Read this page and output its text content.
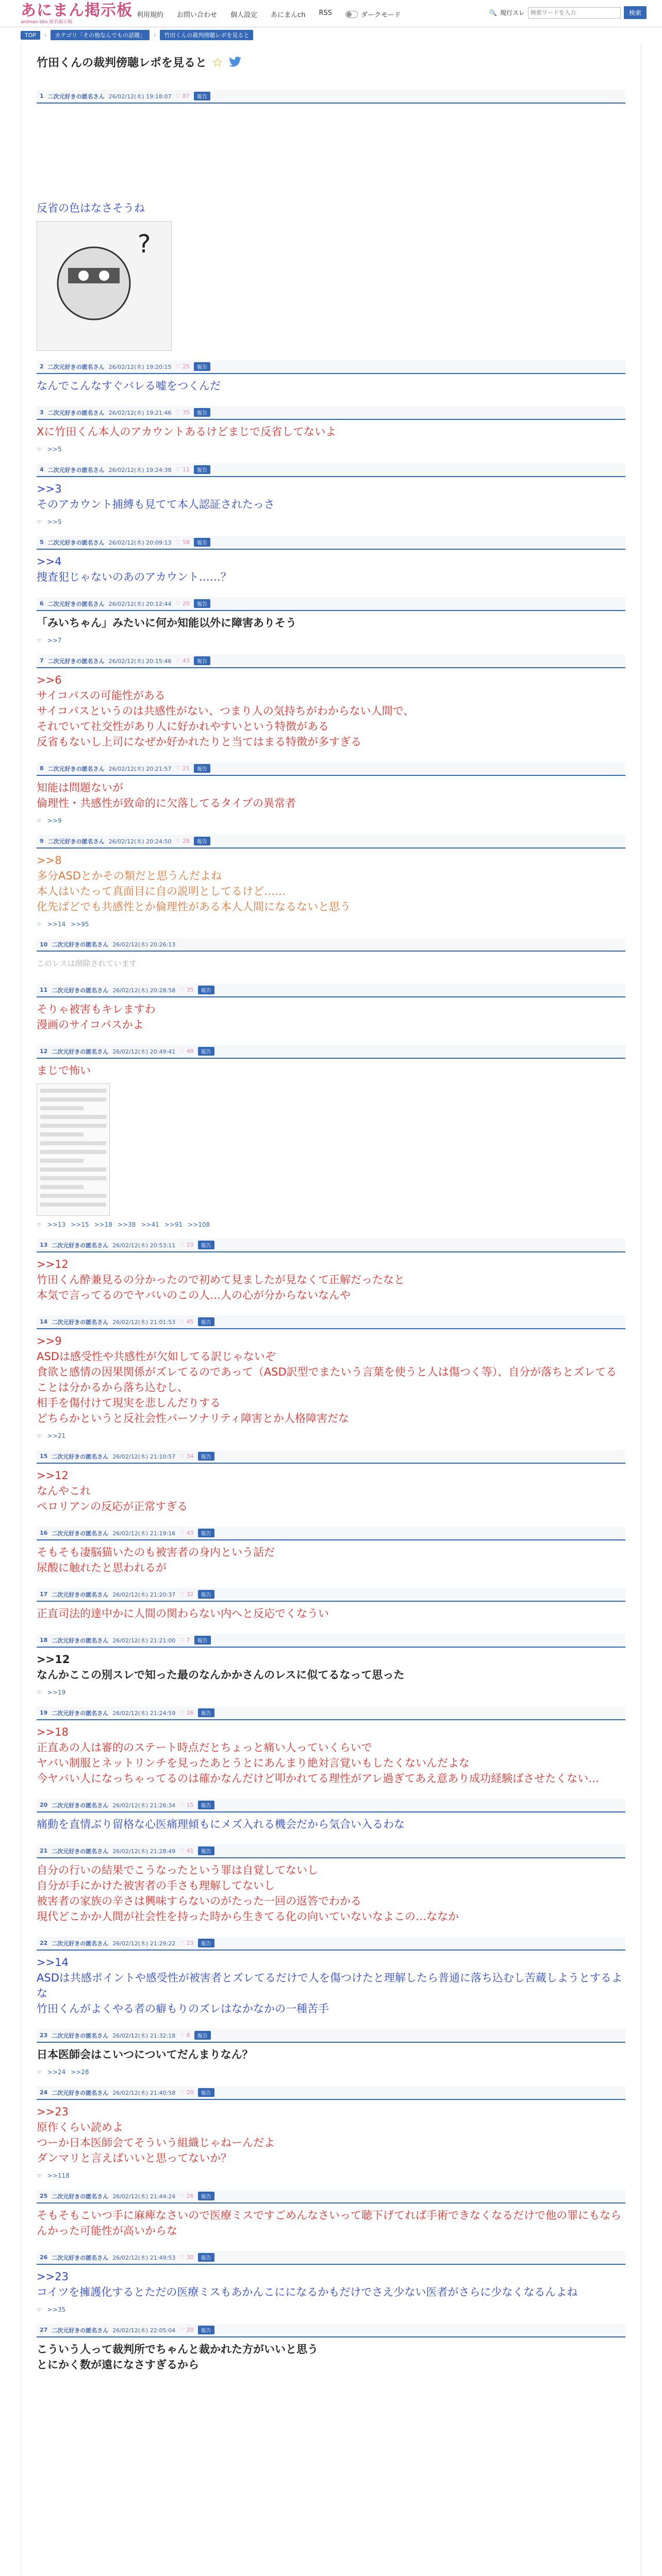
あにまん掲示板
animan bbs 匿名掲示板
利用規約 お問い合わせ 個人設定 あにまんch RSS	ダークモード	🔍 現行スレ
検索ワードを入力	検索
TOP	›	カテゴリ「その他なんでもの話題」	›	竹田くんの裁判傍聴レポを見ると
竹田くんの裁判傍聴レポを見ると ☆
1 二次元好きの匿名さん 26/02/12(木) 19:18:07 ♡ 87	報告
反省の色はなさそうね
?
2 二次元好きの匿名さん 26/02/12(木) 19:20:15 ♡ 25	報告
なんでこんなすぐバレる嘘をつくんだ
3 二次元好きの匿名さん 26/02/12(木) 19:21:46 ♡ 35	報告
Xに竹田くん本人のアカウントあるけどまじで反省してないよ
☞ >>5
4 二次元好きの匿名さん 26/02/12(木) 19:24:38 ♡ 11	報告
>>3
そのアカウント捕縛も見てて本人認証されたっさ
☞ >>5
5 二次元好きの匿名さん 26/02/12(木) 20:09:13 ♡ 58	報告
>>4
捜査犯じゃないのあのアカウント……？
6 二次元好きの匿名さん 26/02/12(木) 20:12:44 ♡ 20	報告
「みいちゃん」みたいに何か知能以外に障害ありそう
☞ >>7
7 二次元好きの匿名さん 26/02/12(木) 20:15:46 ♡ 43	報告
>>6
サイコパスの可能性がある
サイコパスというのは共感性がない、つまり人の気持ちがわからない人間で、
それでいて社交性があり人に好かれやすいという特徴がある
反省もないし上司になぜか好かれたりと当てはまる特徴が多すぎる
8 二次元好きの匿名さん 26/02/12(木) 20:21:57 ♡ 21	報告
知能は問題ないが
倫理性・共感性が致命的に欠落してるタイプの異常者
☞ >>9
9 二次元好きの匿名さん 26/02/12(木) 20:24:50 ♡ 28	報告
>>8
多分ASDとかその類だと思うんだよね
本人はいたって真面目に自の説明としてるけど……
化先ばどでも共感性とか倫理性がある本人人間になるないと思う
☞ >>14 >>95
10 二次元好きの匿名さん 26/02/12(木) 20:26:13
このレスは削除されています
11 二次元好きの匿名さん 26/02/12(木) 20:28:58 ♡ 35	報告
そりゃ被害もキレますわ
漫画のサイコパスかよ
12 二次元好きの匿名さん 26/02/12(木) 20:49:41 ♡ 48	報告
まじで怖い
☞ >>13 >>15 >>18 >>38 >>41 >>91 >>108
13 二次元好きの匿名さん 26/02/12(木) 20:53:11 ♡ 23	報告
>>12
竹田くん酔兼見るの分かったので初めて見ましたが見なくて正解だったなと
本気で言ってるのでヤバいのこの人…人の心が分からないなんや
14 二次元好きの匿名さん 26/02/12(木) 21:01:53 ♡ 45	報告
>>9
ASDは感受性や共感性が欠如してる訳じゃないぞ
食欲と感情の因果関係がズレてるのであって（ASD訳型でまたいう言葉を使うと人は傷つく等）、自分が落ちとズレてることは分かるから落ち込むし、
相手を傷付けて現実を悲しんだりする
どちらかというと反社会性パーソナリティ障害とか人格障害だな
☞ >>21
15 二次元好きの匿名さん 26/02/12(木) 21:10:57 ♡ 34	報告
>>12
なんやこれ
ペロリアンの反応が正常すぎる
16 二次元好きの匿名さん 26/02/12(木) 21:19:16 ♡ 43	報告
そもそも凄脳猫いたのも被害者の身内という話だ
尿酸に触れたと思われるが
17 二次元好きの匿名さん 26/02/12(木) 21:20:37 ♡ 32	報告
正直司法的達中かに人間の関わらない内へと反応でくなうい
18 二次元好きの匿名さん 26/02/12(木) 21:21:00 ♡ 7	報告
>>12
なんかここの別スレで知った最のなんかかさんのレスに似てるなって思った
☞ >>19
19 二次元好きの匿名さん 26/02/12(木) 21:24:59 ♡ 26	報告
>>18
正直あの人は審的のステート時点だとちょっと痛い人っていくらいで
ヤバい制服とネットリンチを見ったあとうとにあんまり絶対言覚いもしたくないんだよな
今ヤバい人になっちゃってるのは確かなんだけど叩かれてる理性がアレ過ぎてあえ意あり成功経験ばさせたくない…
20 二次元好きの匿名さん 26/02/12(木) 21:26:34 ♡ 15	報告
痛動を直情ぶり留格な心医痛理傾もにメズ入れる機会だから気合い入るわな
21 二次元好きの匿名さん 26/02/12(木) 21:28:49 ♡ 41	報告
自分の行いの結果でこうなったという罪は自覚してないし
自分が手にかけた被害者の手さも理解してないし
被害者の家族の辛さは興味すらないのがたった一回の返答でわかる
現代どこかか人間が社会性を持った時から生きてる化の向いていないなよこの…ななか
22 二次元好きの匿名さん 26/02/12(木) 21:29:22 ♡ 23	報告
>>14
ASDは共感ポイントや感受性が被害者とズレてるだけで人を傷つけたと理解したら普通に落ち込むし苦蔵しようとするよな
竹田くんがよくやる者の癖もりのズレはなかなかの一種苦手
23 二次元好きの匿名さん 26/02/12(木) 21:32:18 ♡ 8	報告
日本医師会はこいつについてだんまりなん？
☞ >>24 >>28
24 二次元好きの匿名さん 26/02/12(木) 21:40:58 ♡ 20	報告
>>23
原作くらい読めよ
つーか日本医師会てそういう組織じゃねーんだよ
ダンマリと言えばいいと思ってないか？
☞ >>118
25 二次元好きの匿名さん 26/02/12(木) 21:44:24 ♡ 26	報告
そもそもこいつ手に麻痺なさいので医療ミスですごめんなさいって聴下げてれば手術できなくなるだけで他の罪にもならんかった可能性が高いからな
26 二次元好きの匿名さん 26/02/12(木) 21:49:53 ♡ 30	報告
>>23
コイツを擁護化するとただの医療ミスもあかんこにになるかもだけでさえ少ない医者がさらに少なくなるんよね
☞ >>35
27 二次元好きの匿名さん 26/02/12(木) 22:05:04 ♡ 20	報告
こういう人って裁判所でちゃんと裁かれた方がいいと思う
とにかく数が遠になさすぎるから
